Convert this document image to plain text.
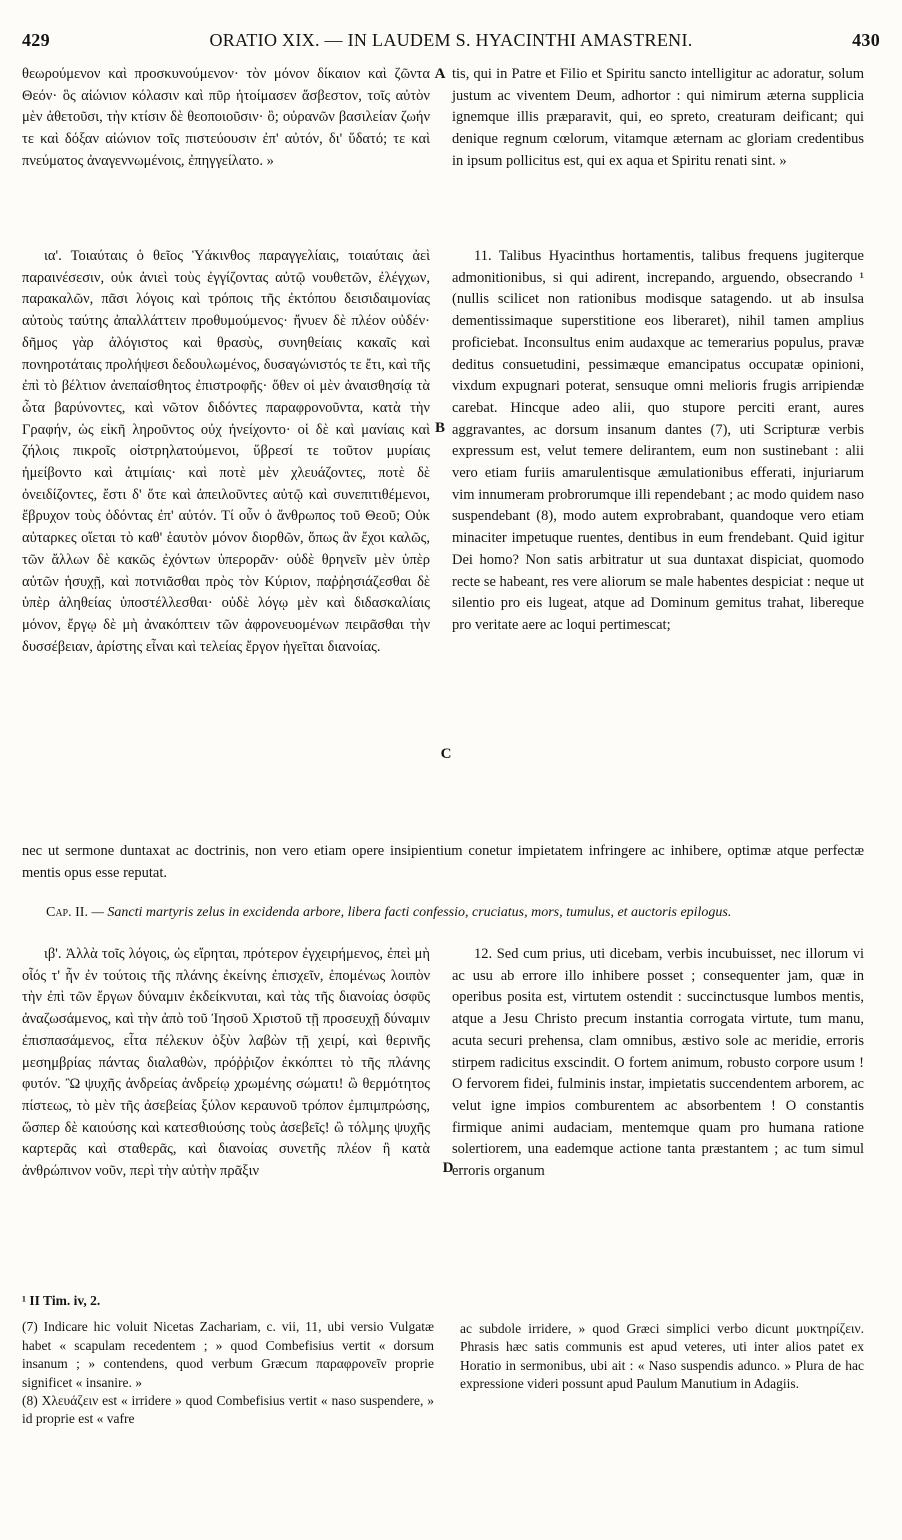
429	ORATIO XIX. — IN LAUDEM S. HYACINTHI AMASTRENI.	430

θεωρούμενον καὶ προσκυνούμενον· τὸν μόνον δίκαιον καὶ ζῶντα Θεόν· ὃς αἰώνιον κόλασιν καὶ πῦρ ἡτοίμασεν ἄσβεστον, τοῖς αὐτὸν μὲν ἀθετοῦσι, τὴν κτίσιν δὲ θεοποιοῦσιν· ὃ; οὐρανῶν βασιλείαν ζωήν τε καὶ δόξαν αἰώνιον τοῖς πιστεύουσιν ἐπ' αὐτόν, δι' ὕδατό; τε καὶ πνεύματος ἀναγεννωμένοις, ἐπηγγείλατο. »

A tis, qui in Patre et Filio et Spiritu sancto intelligitur ac adoratur, solum justum ac viventem Deum, adhortor : qui nimirum æterna supplicia ignemque illis præparavit, qui, eo spreto, creaturam deificant; qui denique regnum cœlorum, vitamque æternam ac gloriam credentibus in ipsum pollicitus est, qui ex aqua et Spiritu renati sint. »

ια'. Τοιαύταις ὁ θεῖος Ὑάκινθος παραγγελίαις, τοιαύταις ἀεὶ παραινέσεσιν, οὐκ ἀνιεὶ τοὺς ἐγγίζοντας αὐτῷ νουθετῶν, ἐλέγχων, παρακαλῶν, πᾶσι λόγοις καὶ τρόποις τῆς ἐκτόπου δεισιδαιμονίας αὐτοὺς ταύτης ἀπαλλάττειν προθυμούμενος· ἤνυεν δὲ πλέον οὐδέν· δῆμος γὰρ ἀλόγιστος καὶ θρασὺς, συνηθείαις κακαῖς καὶ πονηροτάταις προλήψεσι δεδουλωμένος, δυσαγώνιστός τε ἔτι, καὶ τῆς ἐπὶ τὸ βέλτιον ἀνεπαίσθητος ἐπιστροφῆς· ὅθεν οἱ μὲν ἀναισθησίᾳ τὰ ὦτα βαρύνοντες, καὶ νῶτον διδόντες παραφρονοῦντα, κατὰ τὴν Γραφήν, ὡς εἰκῆ ληροῦντος οὐχ ἠνείχοντο· οἱ δὲ καὶ μανίαις καὶ ζήλοις πικροῖς οἰστρηλατούμενοι, ὕβρεσί τε τοῦτον μυρίαις ἠμείβοντο καὶ ἀτιμίαις· καὶ ποτὲ μὲν χλευάζοντες, ποτὲ δὲ ὀνειδίζοντες, ἔστι δ' ὅτε καὶ ἀπειλοῦντες αὐτῷ καὶ συνεπιτιθέμενοι, ἔβρυχον τοὺς ὀδόντας ἐπ' αὐτόν. Τί οὖν ὁ ἄνθρωπος τοῦ Θεοῦ; Οὐκ αὐταρκες οἴεται τὸ καθ' ἑαυτὸν μόνον διορθῶν, ὅπως ἂν ἔχοι καλῶς, τῶν ἄλλων δὲ κακῶς ἐχόντων ὑπερορᾶν· οὐδὲ θρηνεῖν μὲν ὑπὲρ αὐτῶν ἡσυχῇ, καὶ ποτνιᾶσθαι πρὸς τὸν Κύριον, παῤῥησιάζεσθαι δὲ ὑπὲρ ἀληθείας ὑποστέλλεσθαι· οὐδὲ λόγῳ μὲν καὶ διδασκαλίαις μόνον, ἔργῳ δὲ μὴ ἀνακόπτειν τῶν ἀφρονευομένων πειρᾶσθαι τὴν δυσσέβειαν, ἀρίστης εἶναι καὶ τελείας ἔργον ἡγεῖται διανοίας.

B
C

11. Talibus Hyacinthus hortamentis, talibus frequens jugiterque admonitionibus, si qui adirent, increpando, arguendo, obsecrando ¹ (nullis scilicet non rationibus modisque satagendo. ut ab insulsa dementissimaque superstitione eos liberaret), nihil tamen amplius proficiebat. Inconsultus enim audaxque ac temerarius populus, pravæ deditus consuetudini, pessimæque emancipatus occupatæ opinioni, vixdum expugnari poterat, sensuque omni melioris frugis arripiendæ carebat. Hincque adeo alii, quo stupore perciti erant, aures aggravantes, ac dorsum insanum dantes (7), uti Scripturæ verbis expressum est, velut temere delirantem, eum non sustinebant : alii vero etiam furiis amarulentisque æmulationibus efferati, injuriarum vim innumeram probrorumque illi rependebant ; ac modo quidem naso suspendebant (8), modo autem exprobrabant, quandoque vero etiam minaciter impetuque ruentes, dentibus in eum frendebant. Quid igitur Dei homo? Non satis arbitratur ut sua duntaxat dispiciat, quomodo recte se habeant, res vere aliorum se male habentes despiciat : neque ut silentio pro eis lugeat, atque ad Dominum gemitus trahat, libereque pro veritate aere ac loqui pertimescat;

nec ut sermone duntaxat ac doctrinis, non vero etiam opere insipientium conetur impietatem infringere ac inhibere, optimæ atque perfectæ mentis opus esse reputat.

Cap. II. — Sancti martyris zelus in excidenda arbore, libera facti confessio, cruciatus, mors, tumulus, et auctoris epilogus.

ιβ'. Ἀλλὰ τοῖς λόγοις, ὡς εἴρηται, πρότερον ἐγχειρήμενος, ἐπεὶ μὴ οἷός τ' ἦν ἐν τούτοις τῆς πλάνης ἐκείνης ἐπισχεῖν, ἑπομένως λοιπὸν τὴν ἐπὶ τῶν ἔργων δύναμιν ἐκδείκνυται, καὶ τὰς τῆς διανοίας ὀσφῦς ἀναζωσάμενος, καὶ τὴν ἀπὸ τοῦ Ἰησοῦ Χριστοῦ τῇ προσευχῇ δύναμιν ἐπισπασάμενος, εἶτα πέλεκυν ὀξὺν λαβὼν τῇ χειρί, καὶ θερινῆς μεσημβρίας πάντας διαλαθὼν, πρόῤῥιζον ἐκκόπτει τὸ τῆς πλάνης φυτόν. Ὢ ψυχῆς ἀνδρείας ἀνδρείῳ χρωμένης σώματι! ὢ θερμότητος πίστεως, τὸ μὲν τῆς ἀσεβείας ξύλον κεραυνοῦ τρόπον ἐμπιμπρώσης, ὥσπερ δὲ καιούσης καὶ κατεσθιούσης τοὺς ἀσεβεῖς! ὢ τόλμης ψυχῆς καρτερᾶς καὶ σταθερᾶς, καὶ διανοίας συνετῆς πλέον ἢ κατὰ ἀνθρώπινον νοῦν, περὶ τὴν αὐτὴν πρᾶξιν	D

12. Sed cum prius, uti dicebam, verbis incubuisset, nec illorum vi ac usu ab errore illo inhibere posset ; consequenter jam, quæ in operibus posita est, virtutem ostendit : succinctusque lumbos mentis, atque a Jesu Christo precum instantia corrogata virtute, tum manu, acuta securi prehensa, clam omnibus, æstivo sole ac meridie, erroris stirpem radicitus exscindit. O fortem animum, robusto corpore usum ! O fervorem fidei, fulminis instar, impietatis succendentem arborem, ac velut igne impios comburentem ac absorbentem ! O constantis firmique animi audaciam, mentemque quam pro humana ratione solertiorem, una eademque actione tanta præstantem ; ac tum simul erroris organum

¹ II Tim. iv, 2.

(7) Indicare hic voluit Nicetas Zachariam, c. vii, 11, ubi versio Vulgatæ habet « scapulam recedentem ; » quod Combefisius vertit « dorsum insanum ; » contendens, quod verbum Græcum παραφρονεῖν proprie significet « insanire. »

(8) Χλευάζειν est « irridere » quod Combefisius vertit « naso suspendere, » id proprie est « vafre

ac subdole irridere, » quod Græci simplici verbo dicunt μυκτηρίζειν. Phrasis hæc satis communis est apud veteres, uti inter alios patet ex Horatio in sermonibus, ubi ait : « Naso suspendis adunco. » Plura de hac expressione videri possunt apud Paulum Manutium in Adagiis.
